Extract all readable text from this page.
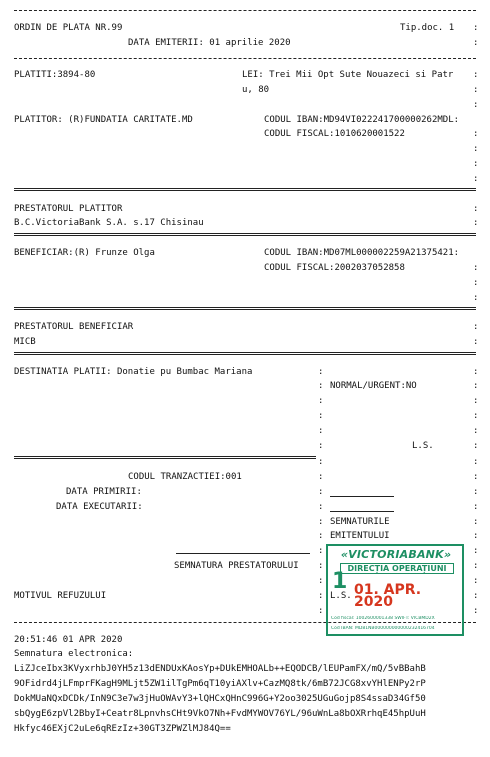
ORDIN DE PLATA NR.99	Tip.doc. 1 :
DATA EMITERII: 01 aprilie 2020	:
PLATITI:3894-80	LEI: Trei Mii Opt Sute Nouazeci si Patr :
u, 80	:
:
PLATITOR: (R)FUNDATIA CARITATE.MD	CODUL IBAN:MD94VI022241700000262MDL:
CODUL FISCAL:1010620001522	:
:
:
:
PRESTATORUL PLATITOR	:
B.C.VictoriaBank S.A. s.17 Chisinau	:
BENEFICIAR:(R) Frunze Olga	CODUL IBAN:MD07ML000002259A21375421:
CODUL FISCAL:2002037052858	:
:
:
PRESTATORUL BENEFICIAR	:
MICB	:
DESTINATIA PLATII: Donatie pu Bumbac Mariana	:	:
: NORMAL/URGENT:NO	:
:	:
:	:
:	:
:	L.S.	:
:	:
CODUL TRANZACTIEI:001	:	:
DATA PRIMIRII:	:	:
DATA EXECUTARII:	:	:
: SEMNATURILE	:
: EMITENTULUI	:
:	:
SEMNATURA PRESTATORULUI :	:
:	:
MOTIVUL REFUZULUI	: L.S.	:
:	:
«VICTORIABANK»
DIRECȚIA OPERAȚIUNI
1 01. APR. 2020
Cod fiscal: 1002600001338 SWIFT: VICBMD2X
Cod IBAN: MD81NB000000000000232416704
20:51:46 01 APR 2020
Semnatura electronica:
LiZJceIbx3KVyxrhbJ0YH5z13dENDUxKAosYp+DUkEMHOALb++EQODCB/lEUPamFX/mQ/5vBBahB
9OFidrd4jLFmprFKagH9MLjt5ZW1ilTgPm6qT10yiAXlv+CazMQ8tk/6mB72JCG8xvYHlENPy2rP
DokMUaNQxDCDk/InN9C3e7w3jHuOWAvY3+lQHCxQHnC996G+Y2oo3025UGuGojp8S4ssaD34Gf50
sbQygE6zpVl2BbyI+Ceatr8LpnvhsCHt9VkO7Nh+FvdMYWOV76YL/96uWnLa8bOXRrhqE45hpUuH
Hkfyc46EXjC2uLe6qREzIz+30GT3ZPWZlMJ84Q==
